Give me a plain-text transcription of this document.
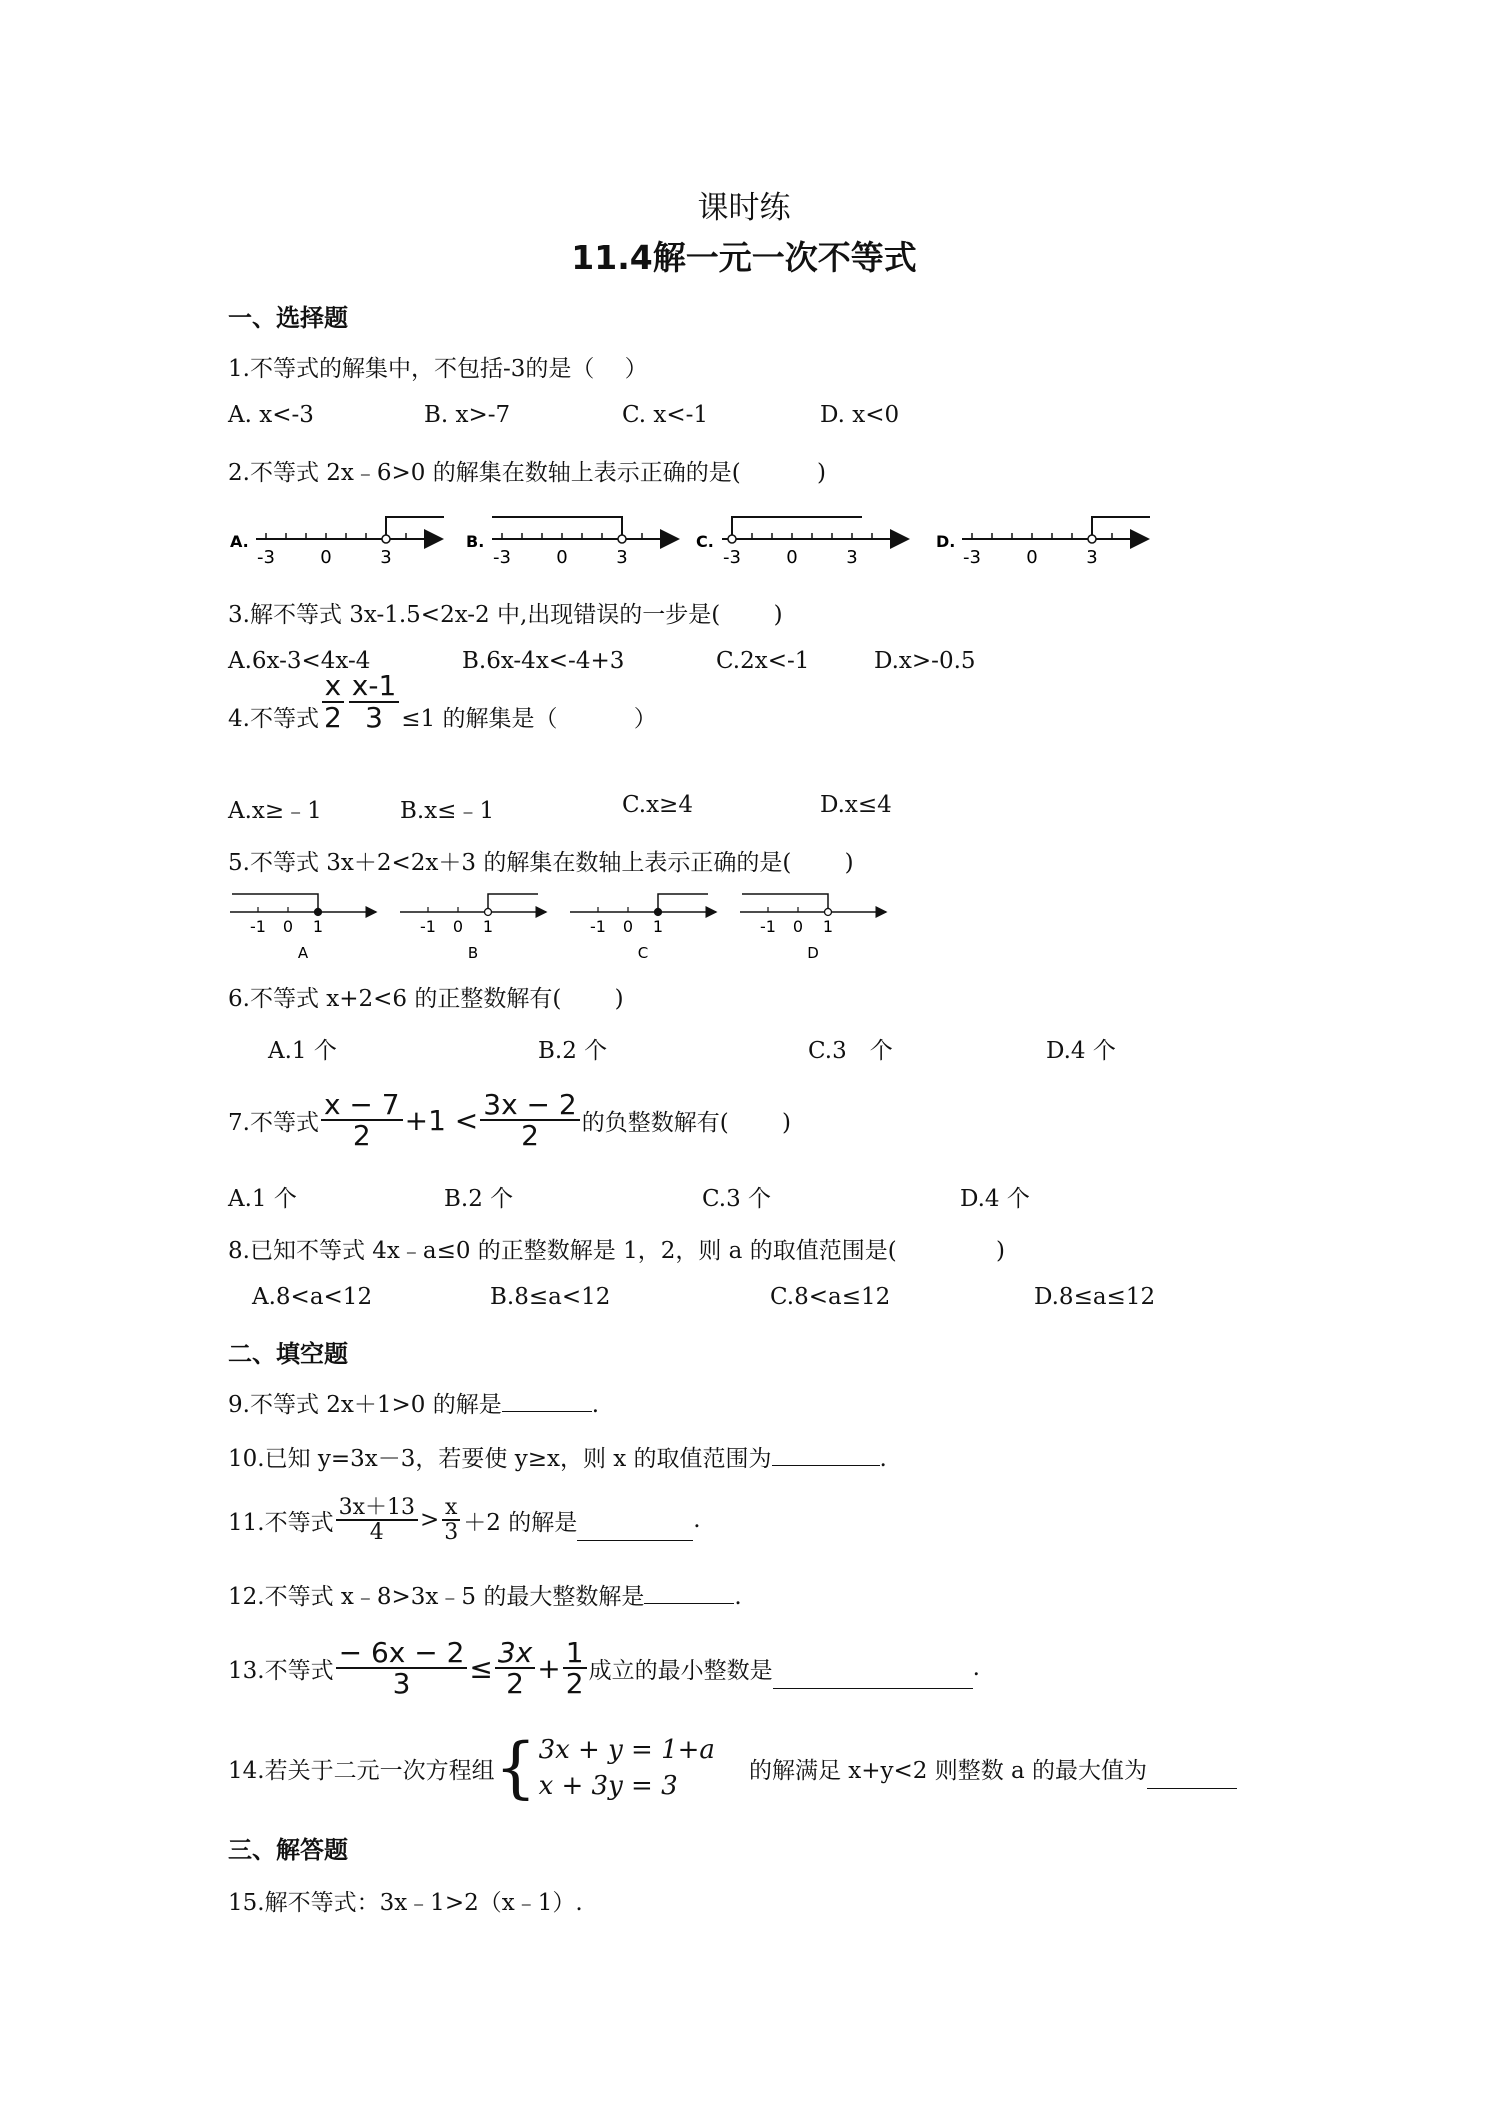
课时练
11.4解一元一次不等式
一、选择题
1.不等式的解集中，不包括-3的是（　 ）
A. x<-3	B. x>-7	C. x<-1	D. x<0
2.不等式 2x﹣6>0 的解集在数轴上表示正确的是(　　　 )
A.
-3	0	3
B.
-3	0	3
C.
-3	0	3
D.
-3	0	3
3.解不等式 3x-1.5<2x-2 中,出现错误的一步是(　　 )
A.6x-3<4x-4	B.6x-4x<-4+3	C.2x<-1	D.x>-0.5
4.不等式 $\frac{x}{2} \frac{x-1}{3} \le 1$ 的解集是（　　　 ）
A.x≥﹣1	B.x≤﹣1	C.x≥4	D.x≤4
5.不等式 3x＋2<2x＋3 的解集在数轴上表示正确的是(　　 )
-1 0 1
A
-1 0 1
B
-1 0 1
C
-1 0 1
D
6.不等式 x+2<6 的正整数解有(　　 )
A.1 个	B.2 个	C.3　个	D.4 个
7.不等式 $\frac{x - 7}{2} +1 < \frac{3x - 2}{2}$ 的负整数解有(　　 )
A.1 个	B.2 个	C.3 个	D.4 个
8.已知不等式 4x﹣a≤0 的正整数解是 1，2，则 a 的取值范围是(　　　　 )
A.8<a<12	B.8≤a<12	C.8<a≤12	D.8≤a≤12
二、填空题
9.不等式 2x＋1>0 的解是	.
10.已知 y=3x－3，若要使 y≥x，则 x 的取值范围为	.
11.不等式 $\frac{3x+13}{4} > \frac{x}{3} +2$ 的解是	.
12.不等式 x﹣8>3x﹣5 的最大整数解是	.
13.不等式 $\frac{- 6x - 2}{3} \le \frac{3x}{2} + \frac{1}{2}$ 成立的最小整数是	.
14.若关于二元一次方程组 { 3x + y = 1+a
x + 3y = 3
的解满足 x+y<2 则整数 a 的最大值为
三、解答题
15.解不等式：3x﹣1>2（x﹣1）.
